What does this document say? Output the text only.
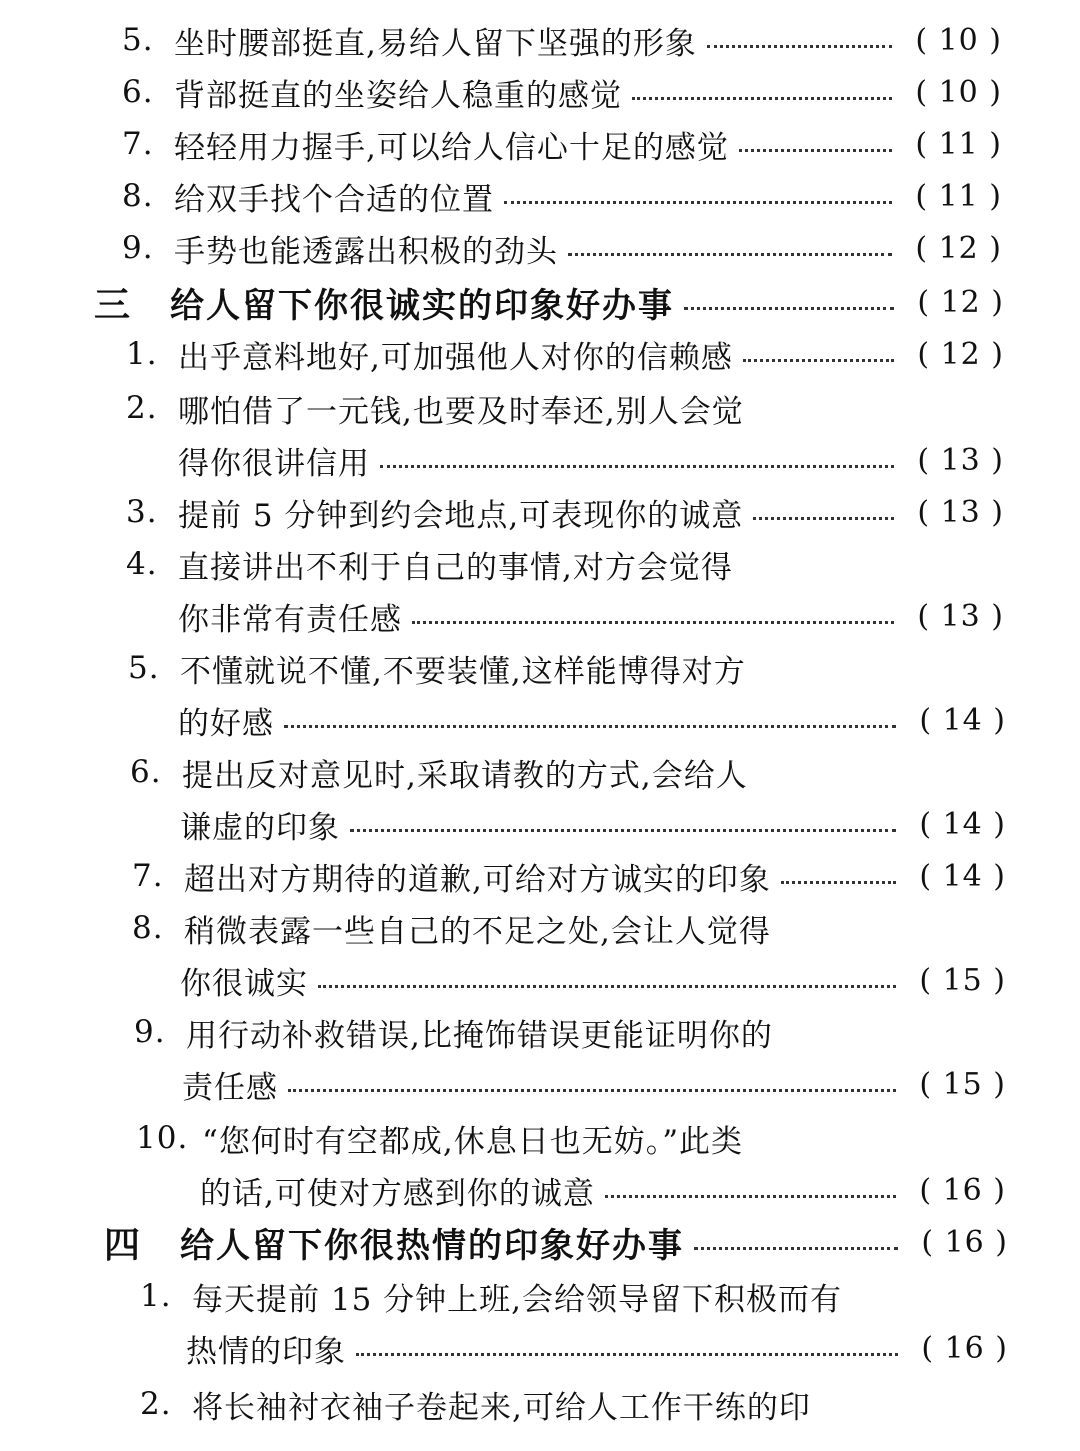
5. 坐时腰部挺直,易给人留下坚强的形象	( 10 )
6. 背部挺直的坐姿给人稳重的感觉	( 10 )
7. 轻轻用力握手,可以给人信心十足的感觉	( 11 )
8. 给双手找个合适的位置	( 11 )
9. 手势也能透露出积极的劲头	( 12 )
三	给人留下你很诚实的印象好办事	( 12 )
1. 出乎意料地好,可加强他人对你的信赖感	( 12 )
2. 哪怕借了一元钱,也要及时奉还,别人会觉
得你很讲信用	( 13 )
3. 提前 5 分钟到约会地点,可表现你的诚意	( 13 )
4. 直接讲出不利于自己的事情,对方会觉得
你非常有责任感	( 13 )
5. 不懂就说不懂,不要装懂,这样能博得对方
的好感	( 14 )
6. 提出反对意见时,采取请教的方式,会给人
谦虚的印象	( 14 )
7. 超出对方期待的道歉,可给对方诚实的印象	( 14 )
8. 稍微表露一些自己的不足之处,会让人觉得
你很诚实	( 15 )
9. 用行动补救错误,比掩饰错误更能证明你的
责任感	( 15 )
10. “您何时有空都成,休息日也无妨。”此类
的话,可使对方感到你的诚意	( 16 )
四	给人留下你很热情的印象好办事	( 16 )
1. 每天提前 15 分钟上班,会给领导留下积极而有
热情的印象	( 16 )
2. 将长袖衬衣袖子卷起来,可给人工作干练的印
